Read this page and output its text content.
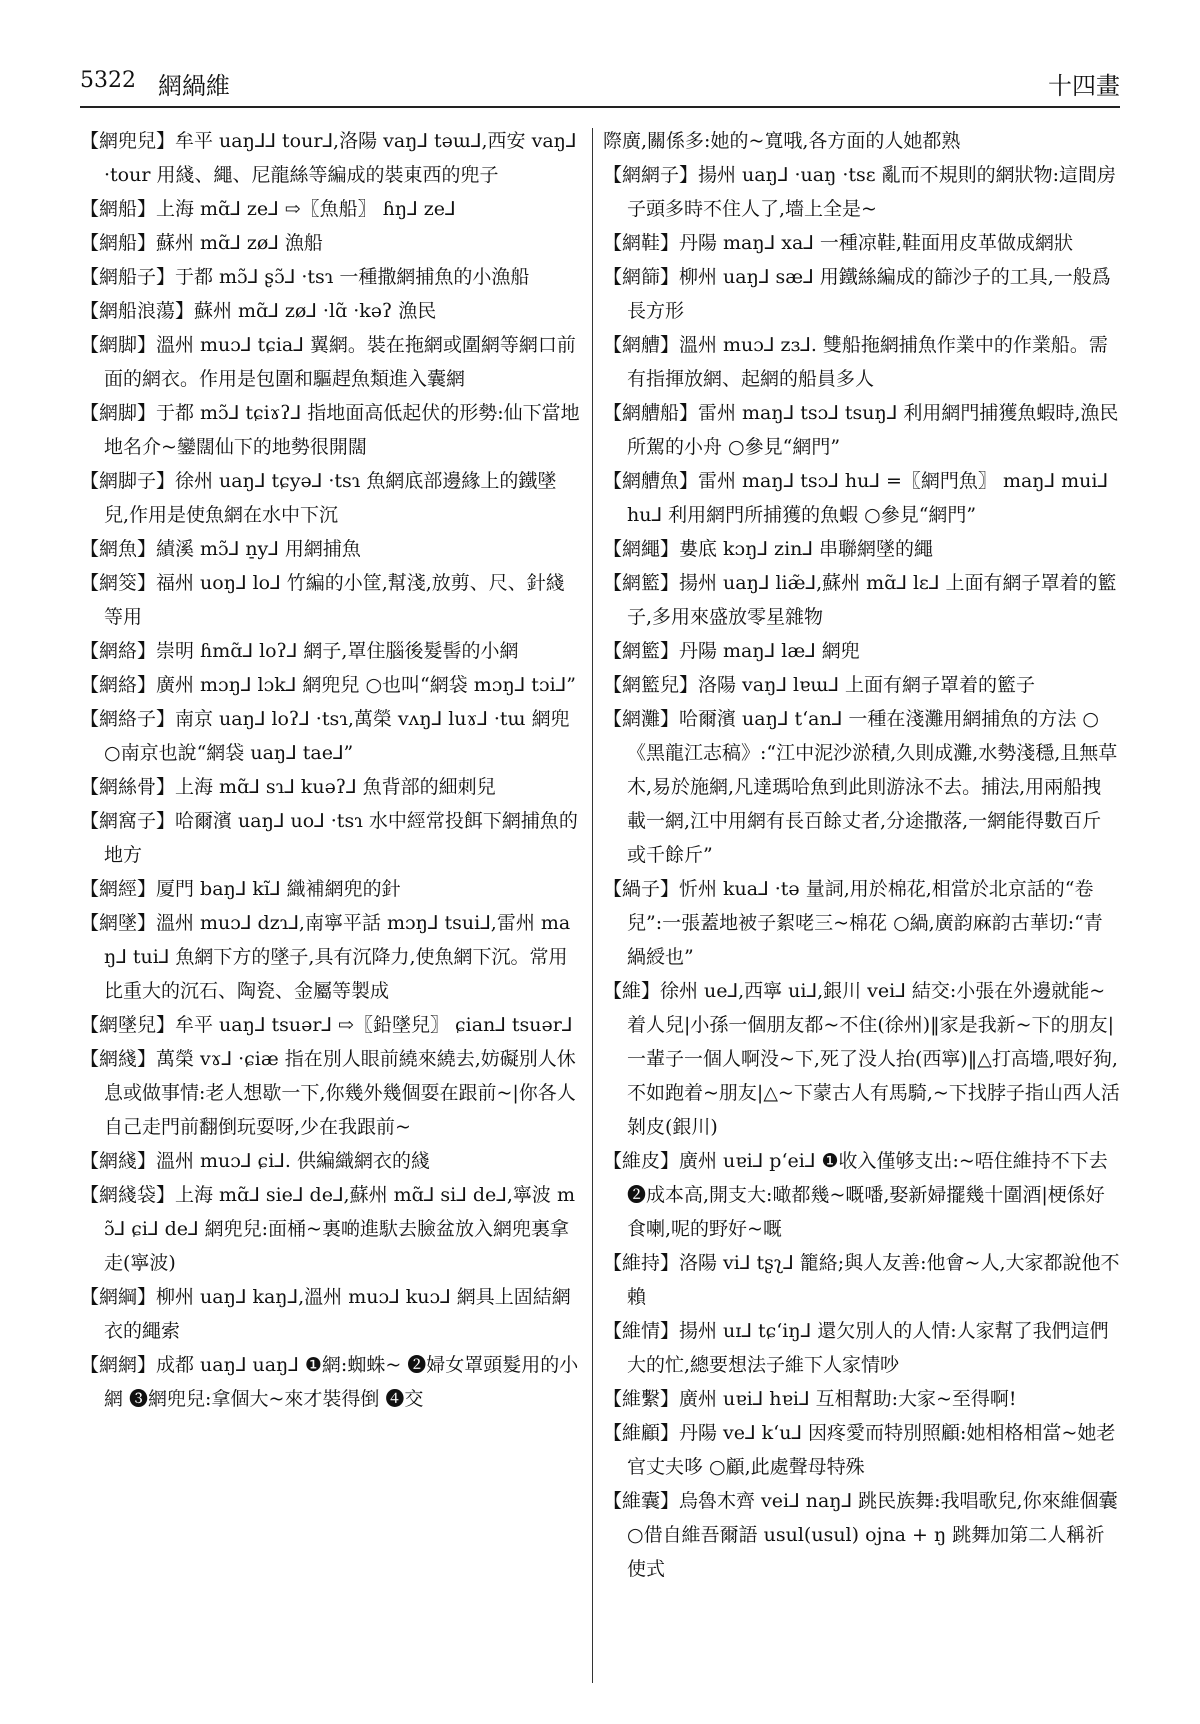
5322 網緺維	十四畫

【網兜兒】牟平 uaŋ⅃⅃ tour⅃,洛陽 vaŋ⅃ təɯ⅃,西安 vaŋ⅃ ·tour 用綫、繩、尼龍絲等編成的裝東西的兜子

【網船】上海 mɑ̃⅃ ze⅃ ⇨〖魚船〗 ɦŋ⅃ ze⅃

【網船】蘇州 mɑ̃⅃ zø⅃ 漁船

【網船子】于都 mɔ̃⅃ ʂɔ̃⅃ ·tsɿ 一種撒網捕魚的小漁船

【網船浪蕩】蘇州 mɑ̃⅃ zø⅃ ·lɑ̃ ·kəʔ 漁民

【網脚】溫州 muɔ⅃ tɕia⅃ 翼網。裝在拖網或圍網等網口前面的網衣。作用是包圍和驅趕魚類進入囊網

【網脚】于都 mɔ̃⅃ tɕiɤʔ⅃ 指地面高低起伏的形勢:仙下當地地名介~鑾闊仙下的地勢很開闊

【網脚子】徐州 uaŋ⅃ tɕyə⅃ ·tsɿ 魚網底部邊緣上的鐵墜兒,作用是使魚網在水中下沉

【網魚】績溪 mɔ̃⅃ n̠y⅃ 用網捕魚

【網筊】福州 uoŋ⅃ lo⅃ 竹編的小筐,幫淺,放剪、尺、針綫等用

【網絡】崇明 ɦmɑ̃⅃ loʔ⅃ 網子,罩住腦後髮髻的小網

【網絡】廣州 mɔŋ⅃ lɔk⅃ 網兜兒 ○也叫“網袋 mɔŋ⅃ tɔi⅃”

【網絡子】南京 uaŋ⅃ loʔ⅃ ·tsɿ,萬榮 vʌŋ⅃ luɤ⅃ ·tɯ 網兜 ○南京也說“網袋 uaŋ⅃ tae⅃”

【網絲骨】上海 mɑ̃⅃ sɿ⅃ kuəʔ⅃ 魚背部的細刺兒

【網窩子】哈爾濱 uaŋ⅃ uo⅃ ·tsɿ 水中經常投餌下網捕魚的地方

【網經】厦門 baŋ⅃ kĩ⅃ 織補網兜的針

【網墜】溫州 muɔ⅃ dzɿ⅃,南寧平話 mɔŋ⅃ tsui⅃,雷州 maŋ⅃ tui⅃ 魚網下方的墜子,具有沉降力,使魚網下沉。常用比重大的沉石、陶瓷、金屬等製成

【網墜兒】牟平 uaŋ⅃ tsuər⅃ ⇨〖鉛墜兒〗 ɕian⅃ tsuər⅃

【網綫】萬榮 vɤ⅃ ·ɕiæ 指在別人眼前繞來繞去,妨礙別人休息或做事情:老人想歇一下,你幾外幾個耍在跟前~|你各人自己走門前翻倒玩耍呀,少在我跟前~

【網綫】溫州 muɔ⅃ ɕi⅃. 供編織網衣的綫

【網綫袋】上海 mɑ̃⅃ sie⅃ de⅃,蘇州 mɑ̃⅃ si⅃ de⅃,寧波 mɔ̃⅃ ɕi⅃ de⅃ 網兜兒:面桶~裏啲進馱去臉盆放入網兜裏拿走(寧波)

【網綱】柳州 uaŋ⅃ kaŋ⅃,溫州 muɔ⅃ kuɔ⅃ 網具上固結網衣的繩索

【網網】成都 uaŋ⅃ uaŋ⅃ ❶網:蜘蛛~ ❷婦女罩頭髮用的小網 ❸網兜兒:拿個大~來才裝得倒 ❹交

際廣,關係多:她的~寬哦,各方面的人她都熟

【網網子】揚州 uaŋ⅃ ·uaŋ ·tsɛ 亂而不規則的網狀物:這間房子頭多時不住人了,墻上全是~

【網鞋】丹陽 maŋ⅃ xa⅃ 一種凉鞋,鞋面用皮革做成網狀

【網篩】柳州 uaŋ⅃ sæ⅃ 用鐵絲編成的篩沙子的工具,一般爲長方形

【網艚】溫州 muɔ⅃ zɜ⅃. 雙船拖網捕魚作業中的作業船。需有指揮放網、起網的船員多人

【網艚船】雷州 maŋ⅃ tsɔ⅃ tsuŋ⅃ 利用網門捕獲魚蝦時,漁民所駕的小舟 ○參見“網門”

【網艚魚】雷州 maŋ⅃ tsɔ⅃ hu⅃ =〖網門魚〗 maŋ⅃ mui⅃ hu⅃ 利用網門所捕獲的魚蝦 ○參見“網門”

【網繩】婁底 kɔŋ⅃ zin⅃ 串聯網墜的繩

【網籃】揚州 uaŋ⅃ liæ̃⅃,蘇州 mɑ̃⅃ lɛ⅃ 上面有網子罩着的籃子,多用來盛放零星雜物

【網籃】丹陽 maŋ⅃ læ⅃ 網兜

【網籃兒】洛陽 vaŋ⅃ lɐɯ⅃ 上面有網子罩着的籃子

【網灘】哈爾濱 uaŋ⅃ t‘an⅃ 一種在淺灘用網捕魚的方法 ○《黑龍江志稿》:“江中泥沙淤積,久則成灘,水勢淺穩,且無草木,易於施網,凡達瑪哈魚到此則游泳不去。捕法,用兩船拽載一網,江中用網有長百餘丈者,分途撒落,一網能得數百斤或千餘斤”

【緺子】忻州 kua⅃ ·tə 量詞,用於棉花,相當於北京話的“卷兒”:一張蓋地被子絮咾三~棉花 ○緺,廣韵麻韵古華切:“青緺綬也”

【維】徐州 ue⅃,西寧 ui⅃,銀川 vei⅃ 結交:小張在外邊就能~着人兒|小孫一個朋友都~不住(徐州)‖家是我新~下的朋友|一輩子一個人啊没~下,死了没人抬(西寧)‖△打高墻,喂好狗,不如跑着~朋友|△~下蒙古人有馬騎,~下找脖子指山西人活剝皮(銀川)

【維皮】廣州 uɐi⅃ p‘ei⅃ ❶收入僅够支出:~唔住維持不下去 ❷成本高,開支大:噉都幾~嘅噃,娶新婦擺幾十圍酒|梗係好食喇,呢的野好~嘅

【維持】洛陽 vi⅃ tʂʅ⅃ 籠絡;與人友善:他會~人,大家都說他不賴

【維情】揚州 uɪ⅃ tɕ‘iŋ⅃ 還欠別人的人情:人家幫了我們這們大的忙,總要想法子維下人家情吵

【維繫】廣州 uɐi⅃ hɐi⅃ 互相幫助:大家~至得啊!

【維顧】丹陽 ve⅃ k‘u⅃ 因疼愛而特別照顧:她相格相當~她老官丈夫哆 ○顧,此處聲母特殊

【維囊】烏魯木齊 vei⅃ naŋ⅃ 跳民族舞:我唱歌兒,你來維個囊 ○借自維吾爾語 usul(usul) ojna + ŋ 跳舞加第二人稱祈使式
